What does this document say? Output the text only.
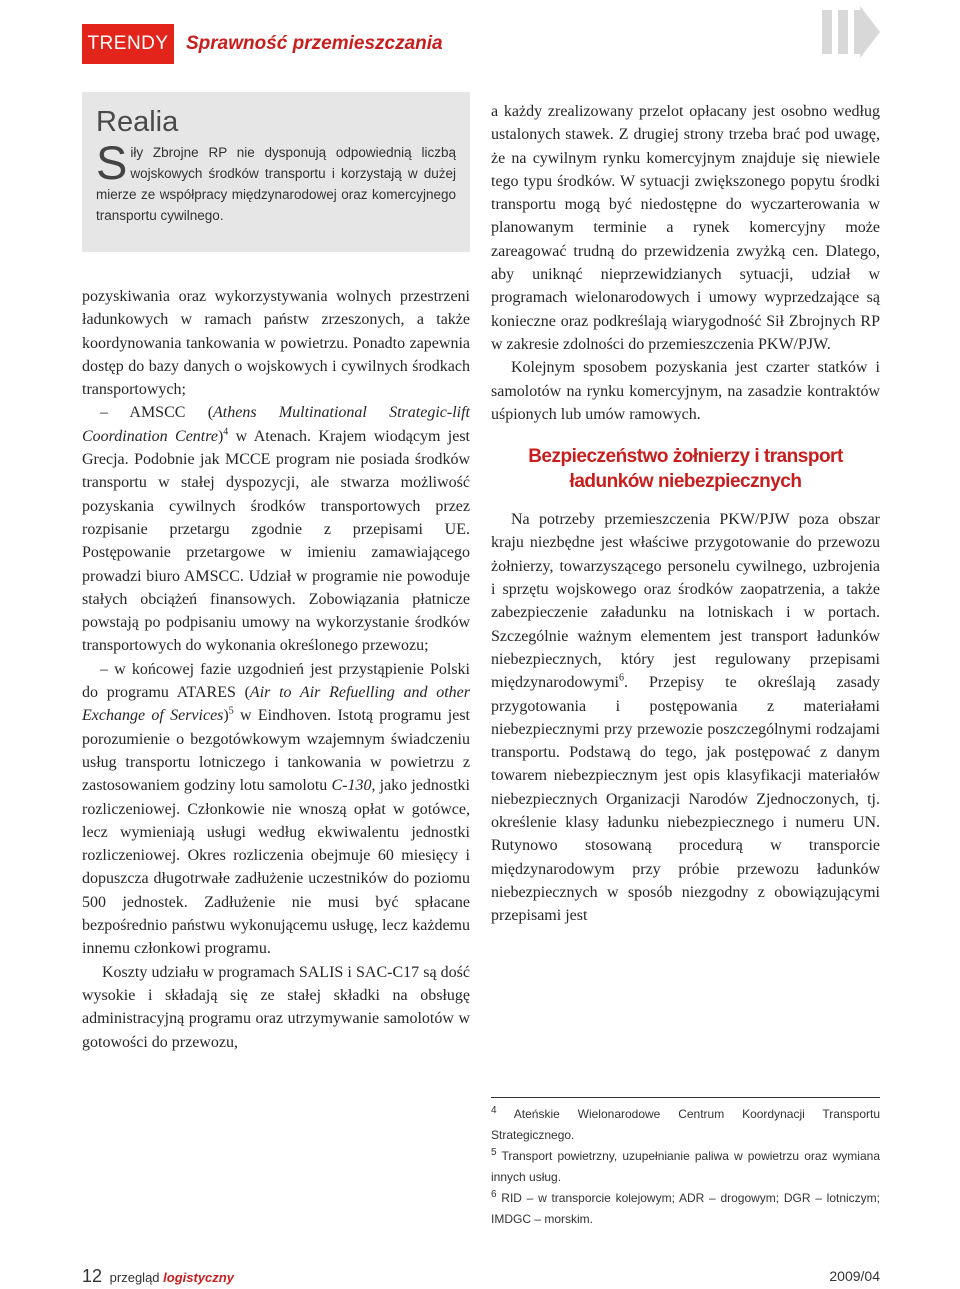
TRENDY Sprawność przemieszczania
Realia

Siły Zbrojne RP nie dysponują odpowiednią liczbą wojskowych środków transportu i korzystają w dużej mierze ze współpracy międzynarodowej oraz komercyjnego transportu cywilnego.

pozyskiwania oraz wykorzystywania wolnych przestrzeni ładunkowych w ramach państw zrzeszonych, a także koordynowania tankowania w powietrzu. Ponadto zapewnia dostęp do bazy danych o wojskowych i cywilnych środkach transportowych;

– AMSCC (Athens Multinational Strategic-lift Coordination Centre)$^4$ w Atenach. Krajem wiodącym jest Grecja. Podobnie jak MCCE program nie posiada środków transportu w stałej dyspozycji, ale stwarza możliwość pozyskania cywilnych środków transportowych przez rozpisanie przetargu zgodnie z przepisami UE. Postępowanie przetargowe w imieniu zamawiającego prowadzi biuro AMSCC. Udział w programie nie powoduje stałych obciążeń finansowych. Zobowiązania płatnicze powstają po podpisaniu umowy na wykorzystanie środków transportowych do wykonania określonego przewozu;

– w końcowej fazie uzgodnień jest przystąpienie Polski do programu ATARES (Air to Air Refuelling and other Exchange of Services)$^5$ w Eindhoven. Istotą programu jest porozumienie o bezgotówkowym wzajemnym świadczeniu usług transportu lotniczego i tankowania w powietrzu z zastosowaniem godziny lotu samolotu C-130, jako jednostki rozliczeniowej. Członkowie nie wnoszą opłat w gotówce, lecz wymieniają usługi według ekwiwalentu jednostki rozliczeniowej. Okres rozliczenia obejmuje 60 miesięcy i dopuszcza długotrwałe zadłużenie uczestników do poziomu 500 jednostek. Zadłużenie nie musi być spłacane bezpośrednio państwu wykonującemu usługę, lecz każdemu innemu członkowi programu.

Koszty udziału w programach SALIS i SAC-C17 są dość wysokie i składają się ze stałej składki na obsługę administracyjną programu oraz utrzymywanie samolotów w gotowości do przewozu,

a każdy zrealizowany przelot opłacany jest osobno według ustalonych stawek. Z drugiej strony trzeba brać pod uwagę, że na cywilnym rynku komercyjnym znajduje się niewiele tego typu środków. W sytuacji zwiększonego popytu środki transportu mogą być niedostępne do wyczarterowania w planowanym terminie a rynek komercyjny może zareagować trudną do przewidzenia zwyżką cen. Dlatego, aby uniknąć nieprzewidzianych sytuacji, udział w programach wielonarodowych i umowy wyprzedzające są konieczne oraz podkreślają wiarygodność Sił Zbrojnych RP w zakresie zdolności do przemieszczenia PKW/PJW.

Kolejnym sposobem pozyskania jest czarter statków i samolotów na rynku komercyjnym, na zasadzie kontraktów uśpionych lub umów ramowych.

Bezpieczeństwo żołnierzy i transport ładunków niebezpiecznych

Na potrzeby przemieszczenia PKW/PJW poza obszar kraju niezbędne jest właściwe przygotowanie do przewozu żołnierzy, towarzyszącego personelu cywilnego, uzbrojenia i sprzętu wojskowego oraz środków zaopatrzenia, a także zabezpieczenie załadunku na lotniskach i w portach. Szczególnie ważnym elementem jest transport ładunków niebezpiecznych, który jest regulowany przepisami międzynarodowymi$^6$. Przepisy te określają zasady przygotowania i postępowania z materiałami niebezpiecznymi przy przewozie poszczególnymi rodzajami transportu. Podstawą do tego, jak postępować z danym towarem niebezpiecznym jest opis klasyfikacji materiałów niebezpiecznych Organizacji Narodów Zjednoczonych, tj. określenie klasy ładunku niebezpiecznego i numeru UN. Rutynowo stosowaną procedurą w transporcie międzynarodowym przy próbie przewozu ładunków niebezpiecznych w sposób niezgodny z obowiązującymi przepisami jest

$^4$ Ateńskie Wielonarodowe Centrum Koordynacji Transportu Strategicznego.

$^5$ Transport powietrzny, uzupełnianie paliwa w powietrzu oraz wymiana innych usług.

$^6$ RID – w transporcie kolejowym; ADR – drogowym; DGR – lotniczym; IMDGC – morskim.

12 przegląd logistyczny	2009/04
